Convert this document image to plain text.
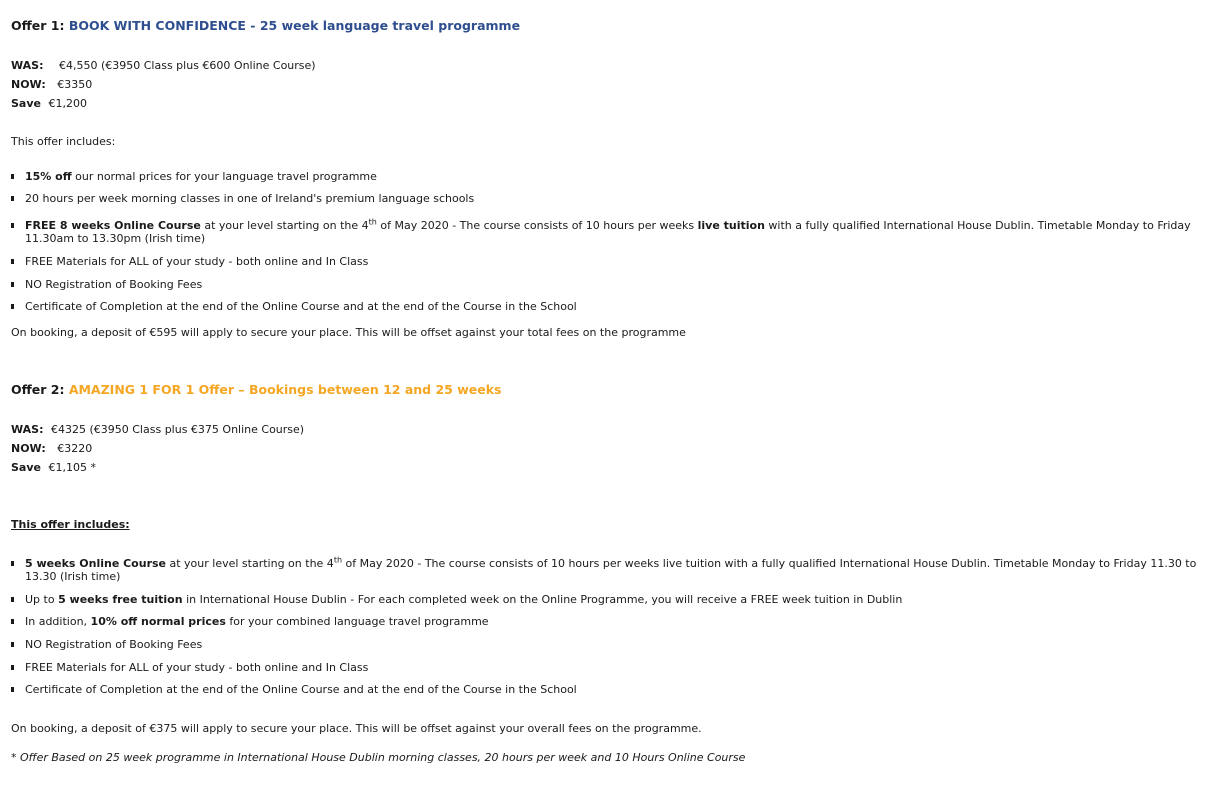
Offer 1: BOOK WITH CONFIDENCE - 25 week language travel programme
WAS: €4,550 (€3950 Class plus €600 Online Course)
NOW: €3350
Save €1,200
This offer includes:
15% off our normal prices for your language travel programme
20 hours per week morning classes in one of Ireland's premium language schools
FREE 8 weeks Online Course at your level starting on the 4th of May 2020 - The course consists of 10 hours per weeks live tuition with a fully qualified International House Dublin. Timetable Monday to Friday 11.30am to 13.30pm (Irish time)
FREE Materials for ALL of your study - both online and In Class
NO Registration of Booking Fees
Certificate of Completion at the end of the Online Course and at the end of the Course in the School
On booking, a deposit of €595 will apply to secure your place. This will be offset against your total fees on the programme
Offer 2: AMAZING 1 FOR 1 Offer – Bookings between 12 and 25 weeks
WAS: €4325 (€3950 Class plus €375 Online Course)
NOW: €3220
Save €1,105 *
This offer includes:
5 weeks Online Course at your level starting on the 4th of May 2020 - The course consists of 10 hours per weeks live tuition with a fully qualified International House Dublin. Timetable Monday to Friday 11.30 to 13.30 (Irish time)
Up to 5 weeks free tuition in International House Dublin - For each completed week on the Online Programme, you will receive a FREE week tuition in Dublin
In addition, 10% off normal prices for your combined language travel programme
NO Registration of Booking Fees
FREE Materials for ALL of your study - both online and In Class
Certificate of Completion at the end of the Online Course and at the end of the Course in the School
On booking, a deposit of €375 will apply to secure your place. This will be offset against your overall fees on the programme.
* Offer Based on 25 week programme in International House Dublin morning classes, 20 hours per week and 10 Hours Online Course
